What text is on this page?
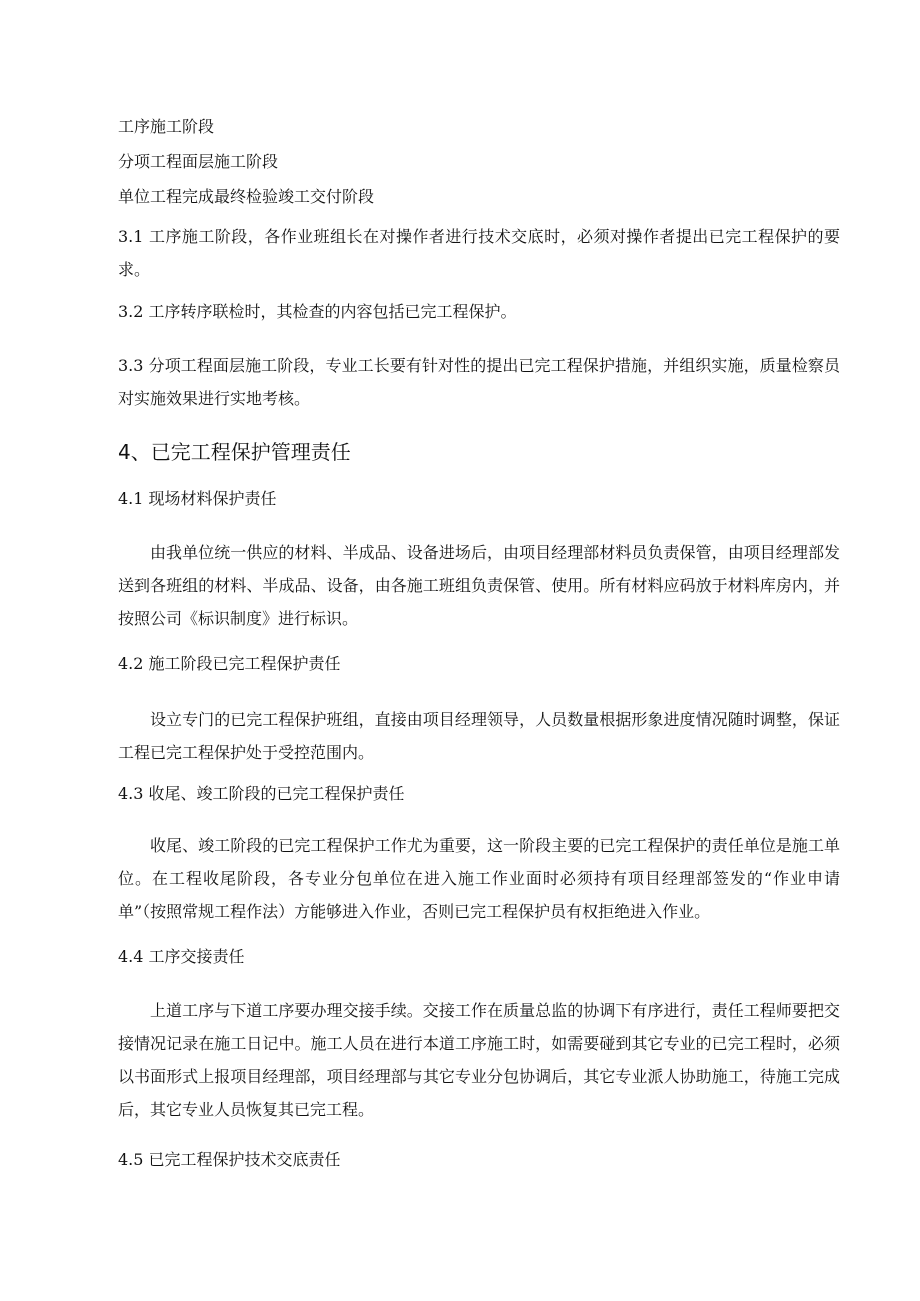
工序施工阶段
分项工程面层施工阶段
单位工程完成最终检验竣工交付阶段
3.1 工序施工阶段，各作业班组长在对操作者进行技术交底时，必须对操作者提出已完工程保护的要求。
3.2 工序转序联检时，其检查的内容包括已完工程保护。
3.3 分项工程面层施工阶段，专业工长要有针对性的提出已完工程保护措施，并组织实施，质量检察员对实施效果进行实地考核。
4、已完工程保护管理责任
4.1 现场材料保护责任
由我单位统一供应的材料、半成品、设备进场后，由项目经理部材料员负责保管，由项目经理部发送到各班组的材料、半成品、设备，由各施工班组负责保管、使用。所有材料应码放于材料库房内，并按照公司《标识制度》进行标识。
4.2 施工阶段已完工程保护责任
设立专门的已完工程保护班组，直接由项目经理领导，人员数量根据形象进度情况随时调整，保证工程已完工程保护处于受控范围内。
4.3 收尾、竣工阶段的已完工程保护责任
收尾、竣工阶段的已完工程保护工作尤为重要，这一阶段主要的已完工程保护的责任单位是施工单位。在工程收尾阶段，各专业分包单位在进入施工作业面时必须持有项目经理部签发的“作业申请单”（按照常规工程作法）方能够进入作业，否则已完工程保护员有权拒绝进入作业。
4.4 工序交接责任
上道工序与下道工序要办理交接手续。交接工作在质量总监的协调下有序进行，责任工程师要把交接情况记录在施工日记中。施工人员在进行本道工序施工时，如需要碰到其它专业的已完工程时，必须以书面形式上报项目经理部，项目经理部与其它专业分包协调后，其它专业派人协助施工，待施工完成后，其它专业人员恢复其已完工程。
4.5 已完工程保护技术交底责任
